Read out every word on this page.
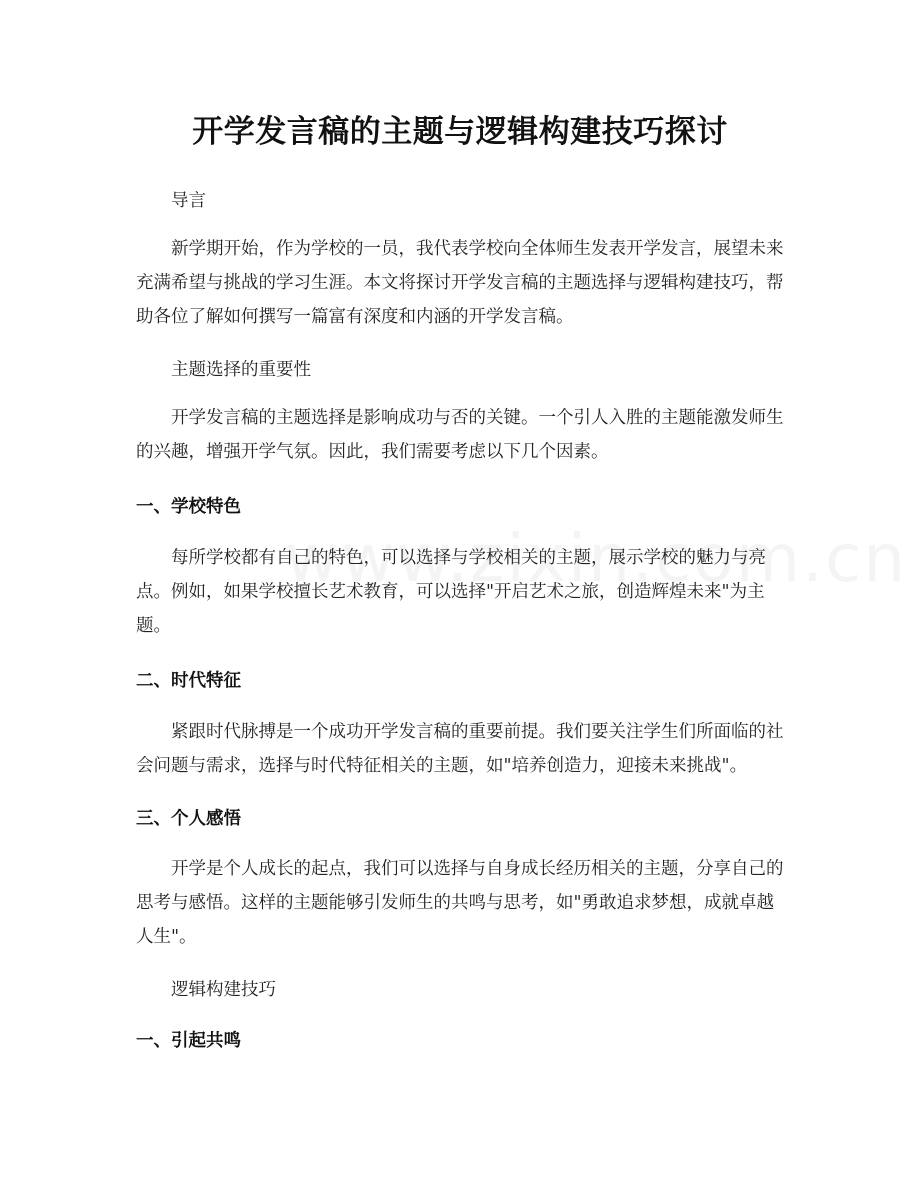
开学发言稿的主题与逻辑构建技巧探讨

导言

新学期开始，作为学校的一员，我代表学校向全体师生发表开学发言，展望未来充满希望与挑战的学习生涯。本文将探讨开学发言稿的主题选择与逻辑构建技巧，帮助各位了解如何撰写一篇富有深度和内涵的开学发言稿。

主题选择的重要性

开学发言稿的主题选择是影响成功与否的关键。一个引人入胜的主题能激发师生的兴趣，增强开学气氛。因此，我们需要考虑以下几个因素。

一、学校特色

每所学校都有自己的特色，可以选择与学校相关的主题，展示学校的魅力与亮点。例如，如果学校擅长艺术教育，可以选择"开启艺术之旅，创造辉煌未来"为主题。

二、时代特征

紧跟时代脉搏是一个成功开学发言稿的重要前提。我们要关注学生们所面临的社会问题与需求，选择与时代特征相关的主题，如"培养创造力，迎接未来挑战"。

三、个人感悟

开学是个人成长的起点，我们可以选择与自身成长经历相关的主题，分享自己的思考与感悟。这样的主题能够引发师生的共鸣与思考，如"勇敢追求梦想，成就卓越人生"。

逻辑构建技巧

一、引起共鸣
